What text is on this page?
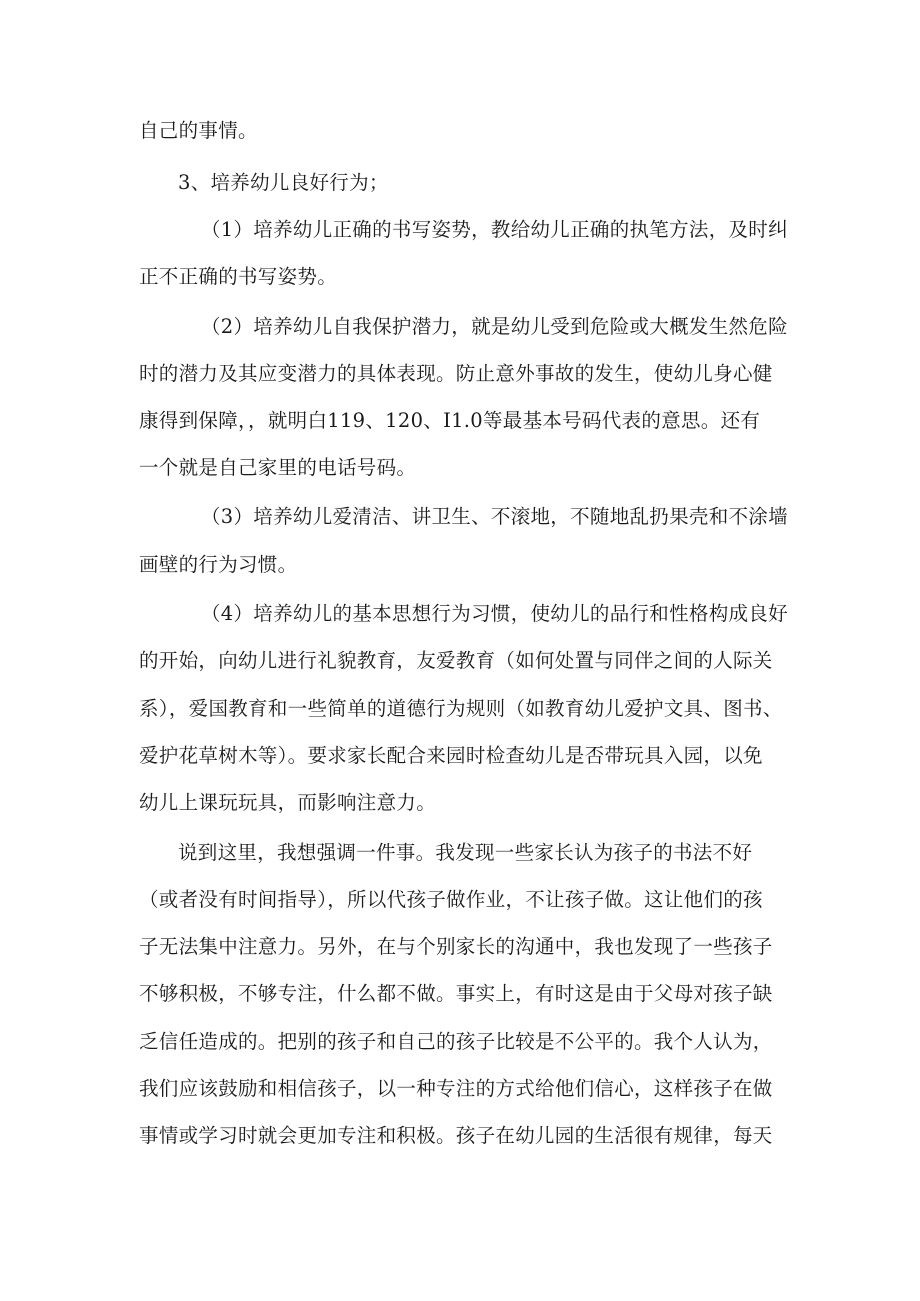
自己的事情。
3、培养幼儿良好行为；
（1）培养幼儿正确的书写姿势，教给幼儿正确的执笔方法，及时纠
正不正确的书写姿势。
（2）培养幼儿自我保护潜力，就是幼儿受到危险或大概发生然危险
时的潜力及其应变潜力的具体表现。防止意外事故的发生，使幼儿身心健
康得到保障，，就明白119、120、I1.0等最基本号码代表的意思。还有
一个就是自己家里的电话号码。
（3）培养幼儿爱清洁、讲卫生、不滚地，不随地乱扔果壳和不涂墙
画壁的行为习惯。
（4）培养幼儿的基本思想行为习惯，使幼儿的品行和性格构成良好
的开始，向幼儿进行礼貌教育，友爱教育（如何处置与同伴之间的人际关
系），爱国教育和一些简单的道德行为规则（如教育幼儿爱护文具、图书、
爱护花草树木等）。要求家长配合来园时检查幼儿是否带玩具入园，以免
幼儿上课玩玩具，而影响注意力。
说到这里，我想强调一件事。我发现一些家长认为孩子的书法不好
（或者没有时间指导），所以代孩子做作业，不让孩子做。这让他们的孩
子无法集中注意力。另外，在与个别家长的沟通中，我也发现了一些孩子
不够积极，不够专注，什么都不做。事实上，有时这是由于父母对孩子缺
乏信任造成的。把别的孩子和自己的孩子比较是不公平的。我个人认为，
我们应该鼓励和相信孩子，以一种专注的方式给他们信心，这样孩子在做
事情或学习时就会更加专注和积极。孩子在幼儿园的生活很有规律，每天
